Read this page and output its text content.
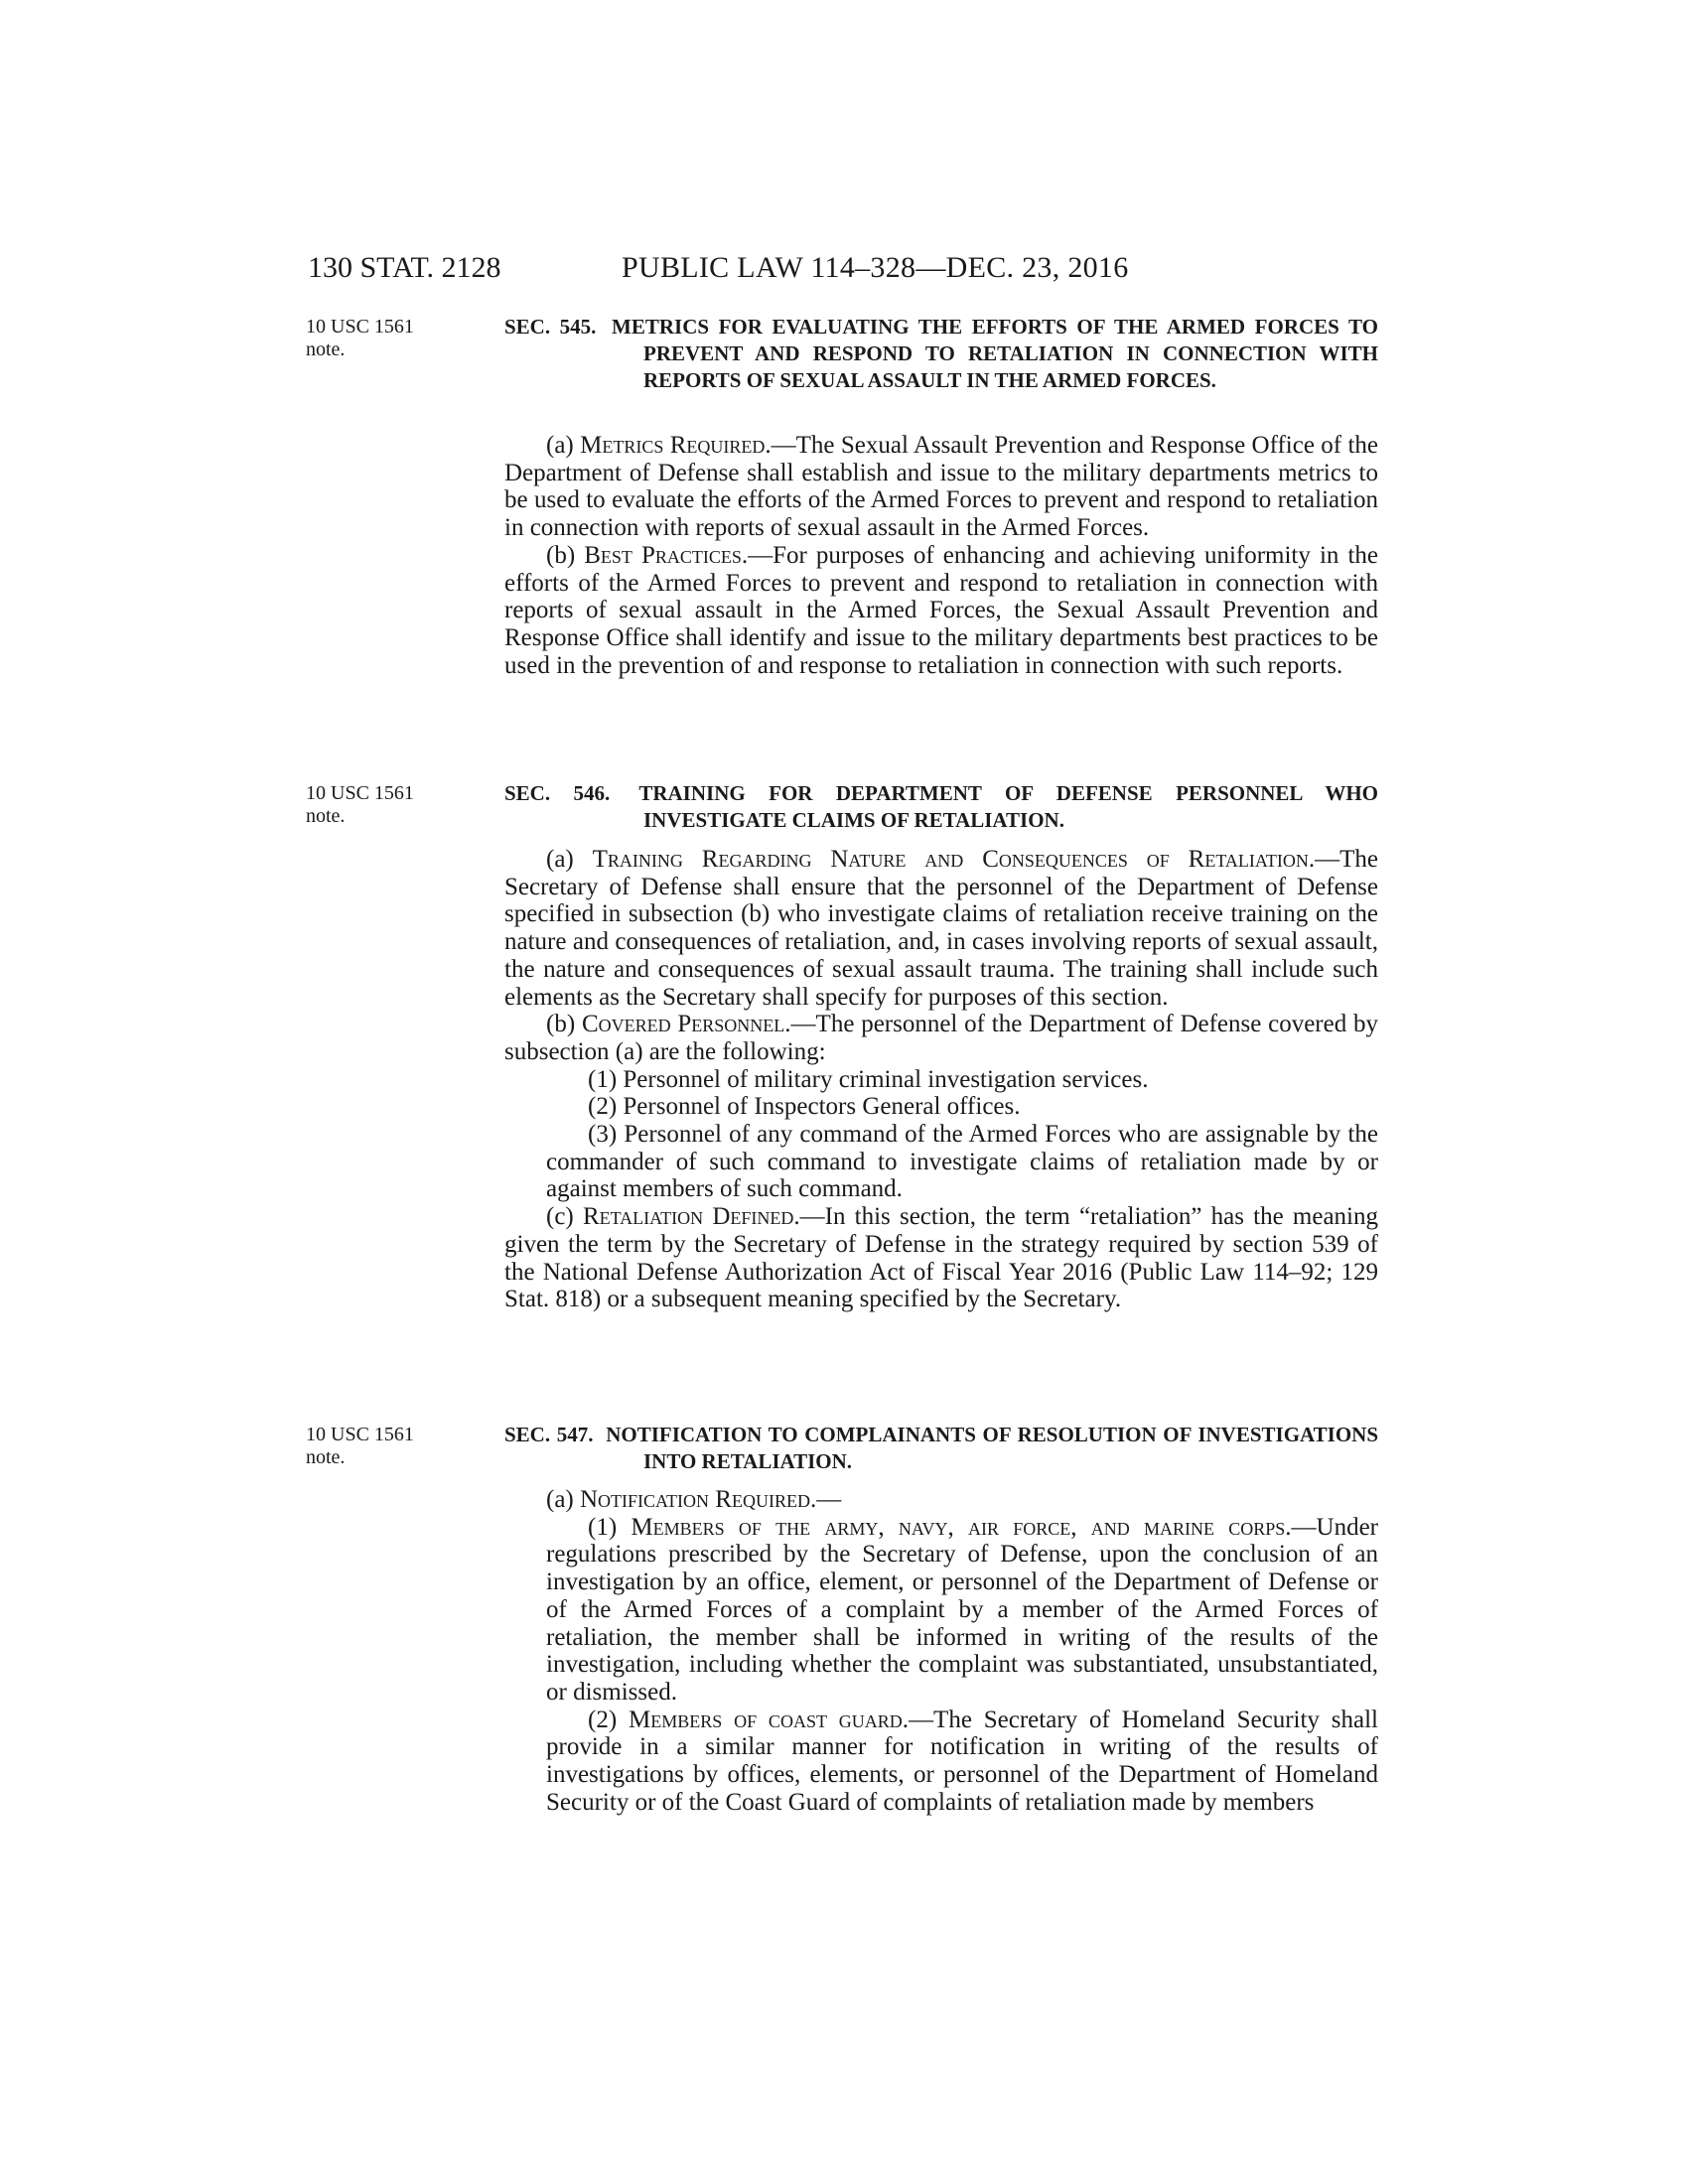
130 STAT. 2128	PUBLIC LAW 114–328—DEC. 23, 2016
10 USC 1561 note.
SEC. 545. METRICS FOR EVALUATING THE EFFORTS OF THE ARMED FORCES TO PREVENT AND RESPOND TO RETALIATION IN CONNECTION WITH REPORTS OF SEXUAL ASSAULT IN THE ARMED FORCES.

(a) Metrics Required.—The Sexual Assault Prevention and Response Office of the Department of Defense shall establish and issue to the military departments metrics to be used to evaluate the efforts of the Armed Forces to prevent and respond to retaliation in connection with reports of sexual assault in the Armed Forces.

(b) Best Practices.—For purposes of enhancing and achieving uniformity in the efforts of the Armed Forces to prevent and respond to retaliation in connection with reports of sexual assault in the Armed Forces, the Sexual Assault Prevention and Response Office shall identify and issue to the military departments best practices to be used in the prevention of and response to retaliation in connection with such reports.

10 USC 1561 note.
SEC. 546. TRAINING FOR DEPARTMENT OF DEFENSE PERSONNEL WHO INVESTIGATE CLAIMS OF RETALIATION.

(a) Training Regarding Nature and Consequences of Retaliation.—The Secretary of Defense shall ensure that the personnel of the Department of Defense specified in subsection (b) who investigate claims of retaliation receive training on the nature and consequences of retaliation, and, in cases involving reports of sexual assault, the nature and consequences of sexual assault trauma. The training shall include such elements as the Secretary shall specify for purposes of this section.

(b) Covered Personnel.—The personnel of the Department of Defense covered by subsection (a) are the following:

(1) Personnel of military criminal investigation services.

(2) Personnel of Inspectors General offices.

(3) Personnel of any command of the Armed Forces who are assignable by the commander of such command to investigate claims of retaliation made by or against members of such command.

(c) Retaliation Defined.—In this section, the term “retaliation” has the meaning given the term by the Secretary of Defense in the strategy required by section 539 of the National Defense Authorization Act of Fiscal Year 2016 (Public Law 114–92; 129 Stat. 818) or a subsequent meaning specified by the Secretary.

10 USC 1561 note.
SEC. 547. NOTIFICATION TO COMPLAINANTS OF RESOLUTION OF INVESTIGATIONS INTO RETALIATION.

(a) Notification Required.—

(1) Members of the army, navy, air force, and marine corps.—Under regulations prescribed by the Secretary of Defense, upon the conclusion of an investigation by an office, element, or personnel of the Department of Defense or of the Armed Forces of a complaint by a member of the Armed Forces of retaliation, the member shall be informed in writing of the results of the investigation, including whether the complaint was substantiated, unsubstantiated, or dismissed.

(2) Members of coast guard.—The Secretary of Homeland Security shall provide in a similar manner for notification in writing of the results of investigations by offices, elements, or personnel of the Department of Homeland Security or of the Coast Guard of complaints of retaliation made by members
